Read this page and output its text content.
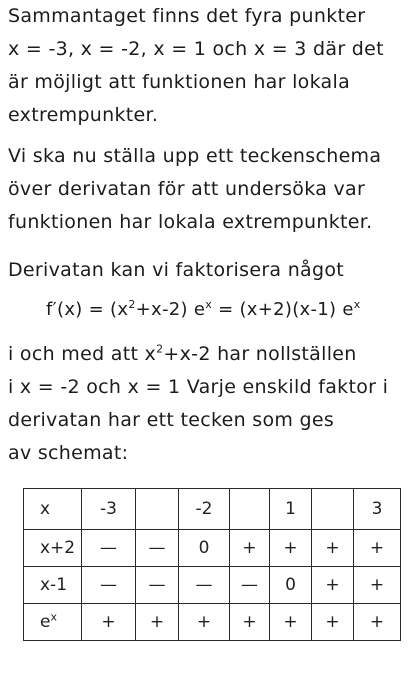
Sammantaget finns det fyra punkter
x = -3, x = -2, x = 1 och x = 3 där det
är möjligt att funktionen har lokala
extrempunkter.
Vi ska nu ställa upp ett teckenschema
över derivatan för att undersöka var
funktionen har lokala extrempunkter.
Derivatan kan vi faktorisera något
$f'(x) = (x^2+x-2) e^x = (x+2)(x-1)$ $e^x$
i och med att $x^2+x-2$ har nollställen
i x = -2 och x = 1 Varje enskild faktor i
derivatan har ett tecken som ges
av schemat:
x	-3		-2		1		3
x+2	—	—	0	+	+	+	+
x-1	—	—	—	—	0	+	+
$e^x$	+	+	+	+	+	+	+
